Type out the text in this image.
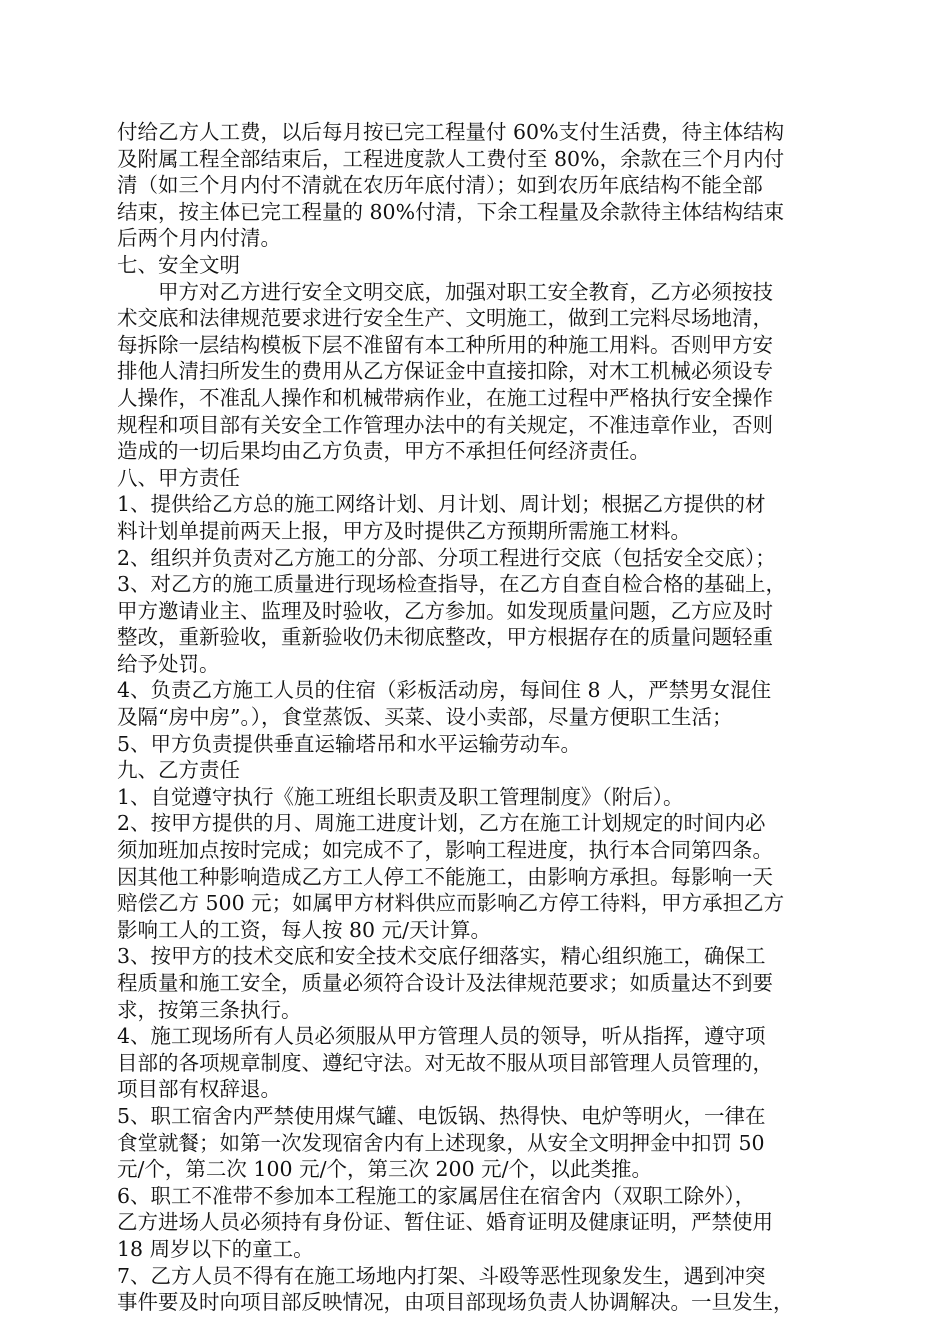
付给乙方人工费，以后每月按已完工程量付 60%支付生活费，待主体结构

及附属工程全部结束后，工程进度款人工费付至 80%，余款在三个月内付

清（如三个月内付不清就在农历年底付清）；如到农历年底结构不能全部

结束，按主体已完工程量的 80%付清，下余工程量及余款待主体结构结束

后两个月内付清。

七、安全文明

甲方对乙方进行安全文明交底，加强对职工安全教育，乙方必须按技

术交底和法律规范要求进行安全生产、文明施工，做到工完料尽场地清，

每拆除一层结构模板下层不准留有本工种所用的种施工用料。否则甲方安

排他人清扫所发生的费用从乙方保证金中直接扣除，对木工机械必须设专

人操作，不准乱人操作和机械带病作业，在施工过程中严格执行安全操作

规程和项目部有关安全工作管理办法中的有关规定，不准违章作业，否则

造成的一切后果均由乙方负责，甲方不承担任何经济责任。

八、甲方责任

1、提供给乙方总的施工网络计划、月计划、周计划；根据乙方提供的材

料计划单提前两天上报，甲方及时提供乙方预期所需施工材料。

2、组织并负责对乙方施工的分部、分项工程进行交底（包括安全交底）；

3、对乙方的施工质量进行现场检查指导，在乙方自查自检合格的基础上，

甲方邀请业主、监理及时验收，乙方参加。如发现质量问题，乙方应及时

整改，重新验收，重新验收仍未彻底整改，甲方根据存在的质量问题轻重

给予处罚。

4、负责乙方施工人员的住宿（彩板活动房，每间住 8 人，严禁男女混住

及隔“房中房”。），食堂蒸饭、买菜、设小卖部，尽量方便职工生活；

5、甲方负责提供垂直运输塔吊和水平运输劳动车。

九、乙方责任

1、自觉遵守执行《施工班组长职责及职工管理制度》（附后）。

2、按甲方提供的月、周施工进度计划，乙方在施工计划规定的时间内必

须加班加点按时完成；如完成不了，影响工程进度，执行本合同第四条。

因其他工种影响造成乙方工人停工不能施工，由影响方承担。每影响一天

赔偿乙方 500 元；如属甲方材料供应而影响乙方停工待料，甲方承担乙方

影响工人的工资，每人按 80 元/天计算。

3、按甲方的技术交底和安全技术交底仔细落实，精心组织施工，确保工

程质量和施工安全，质量必须符合设计及法律规范要求；如质量达不到要

求，按第三条执行。

4、施工现场所有人员必须服从甲方管理人员的领导，听从指挥，遵守项

目部的各项规章制度、遵纪守法。对无故不服从项目部管理人员管理的，

项目部有权辞退。

5、职工宿舍内严禁使用煤气罐、电饭锅、热得快、电炉等明火，一律在

食堂就餐；如第一次发现宿舍内有上述现象，从安全文明押金中扣罚 50

元/个，第二次 100 元/个，第三次 200 元/个，以此类推。

6、职工不准带不参加本工程施工的家属居住在宿舍内（双职工除外），

乙方进场人员必须持有身份证、暂住证、婚育证明及健康证明，严禁使用

18 周岁以下的童工。

7、乙方人员不得有在施工场地内打架、斗殴等恶性现象发生，遇到冲突

事件要及时向项目部反映情况，由项目部现场负责人协调解决。一旦发生，
